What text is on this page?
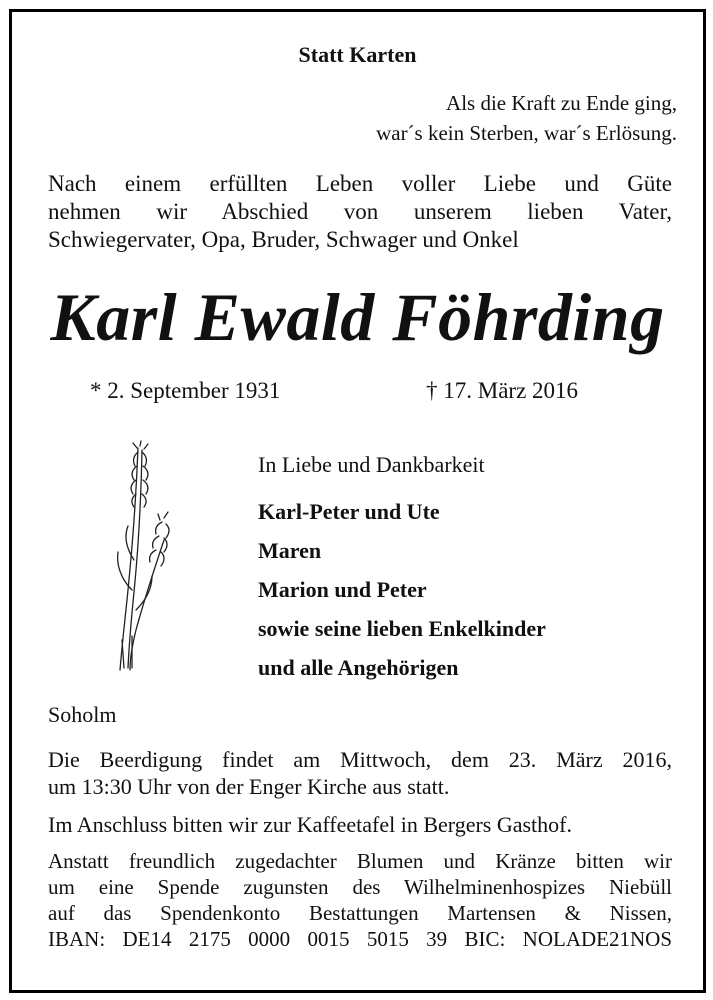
Statt Karten

Als die Kraft zu Ende ging,
war´s kein Sterben, war´s Erlösung.
Nach einem erfüllten Leben voller Liebe und Güte
nehmen wir Abschied von unserem lieben Vater,
Schwiegervater, Opa, Bruder, Schwager und Onkel

Karl Ewald Föhrding

* 2. September 1931	† 17. März 2016

In Liebe und Dankbarkeit

Karl-Peter und Ute
Maren
Marion und Peter
sowie seine lieben Enkelkinder
und alle Angehörigen

Soholm

Die Beerdigung findet am Mittwoch, dem 23. März 2016,
um 13:30 Uhr von der Enger Kirche aus statt.

Im Anschluss bitten wir zur Kaffeetafel in Bergers Gasthof.

Anstatt freundlich zugedachter Blumen und Kränze bitten wir
um eine Spende zugunsten des Wilhelminenhospizes Niebüll
auf das Spendenkonto Bestattungen Martensen & Nissen,
IBAN: DE14 2175 0000 0015 5015 39 BIC: NOLADE21NOS
